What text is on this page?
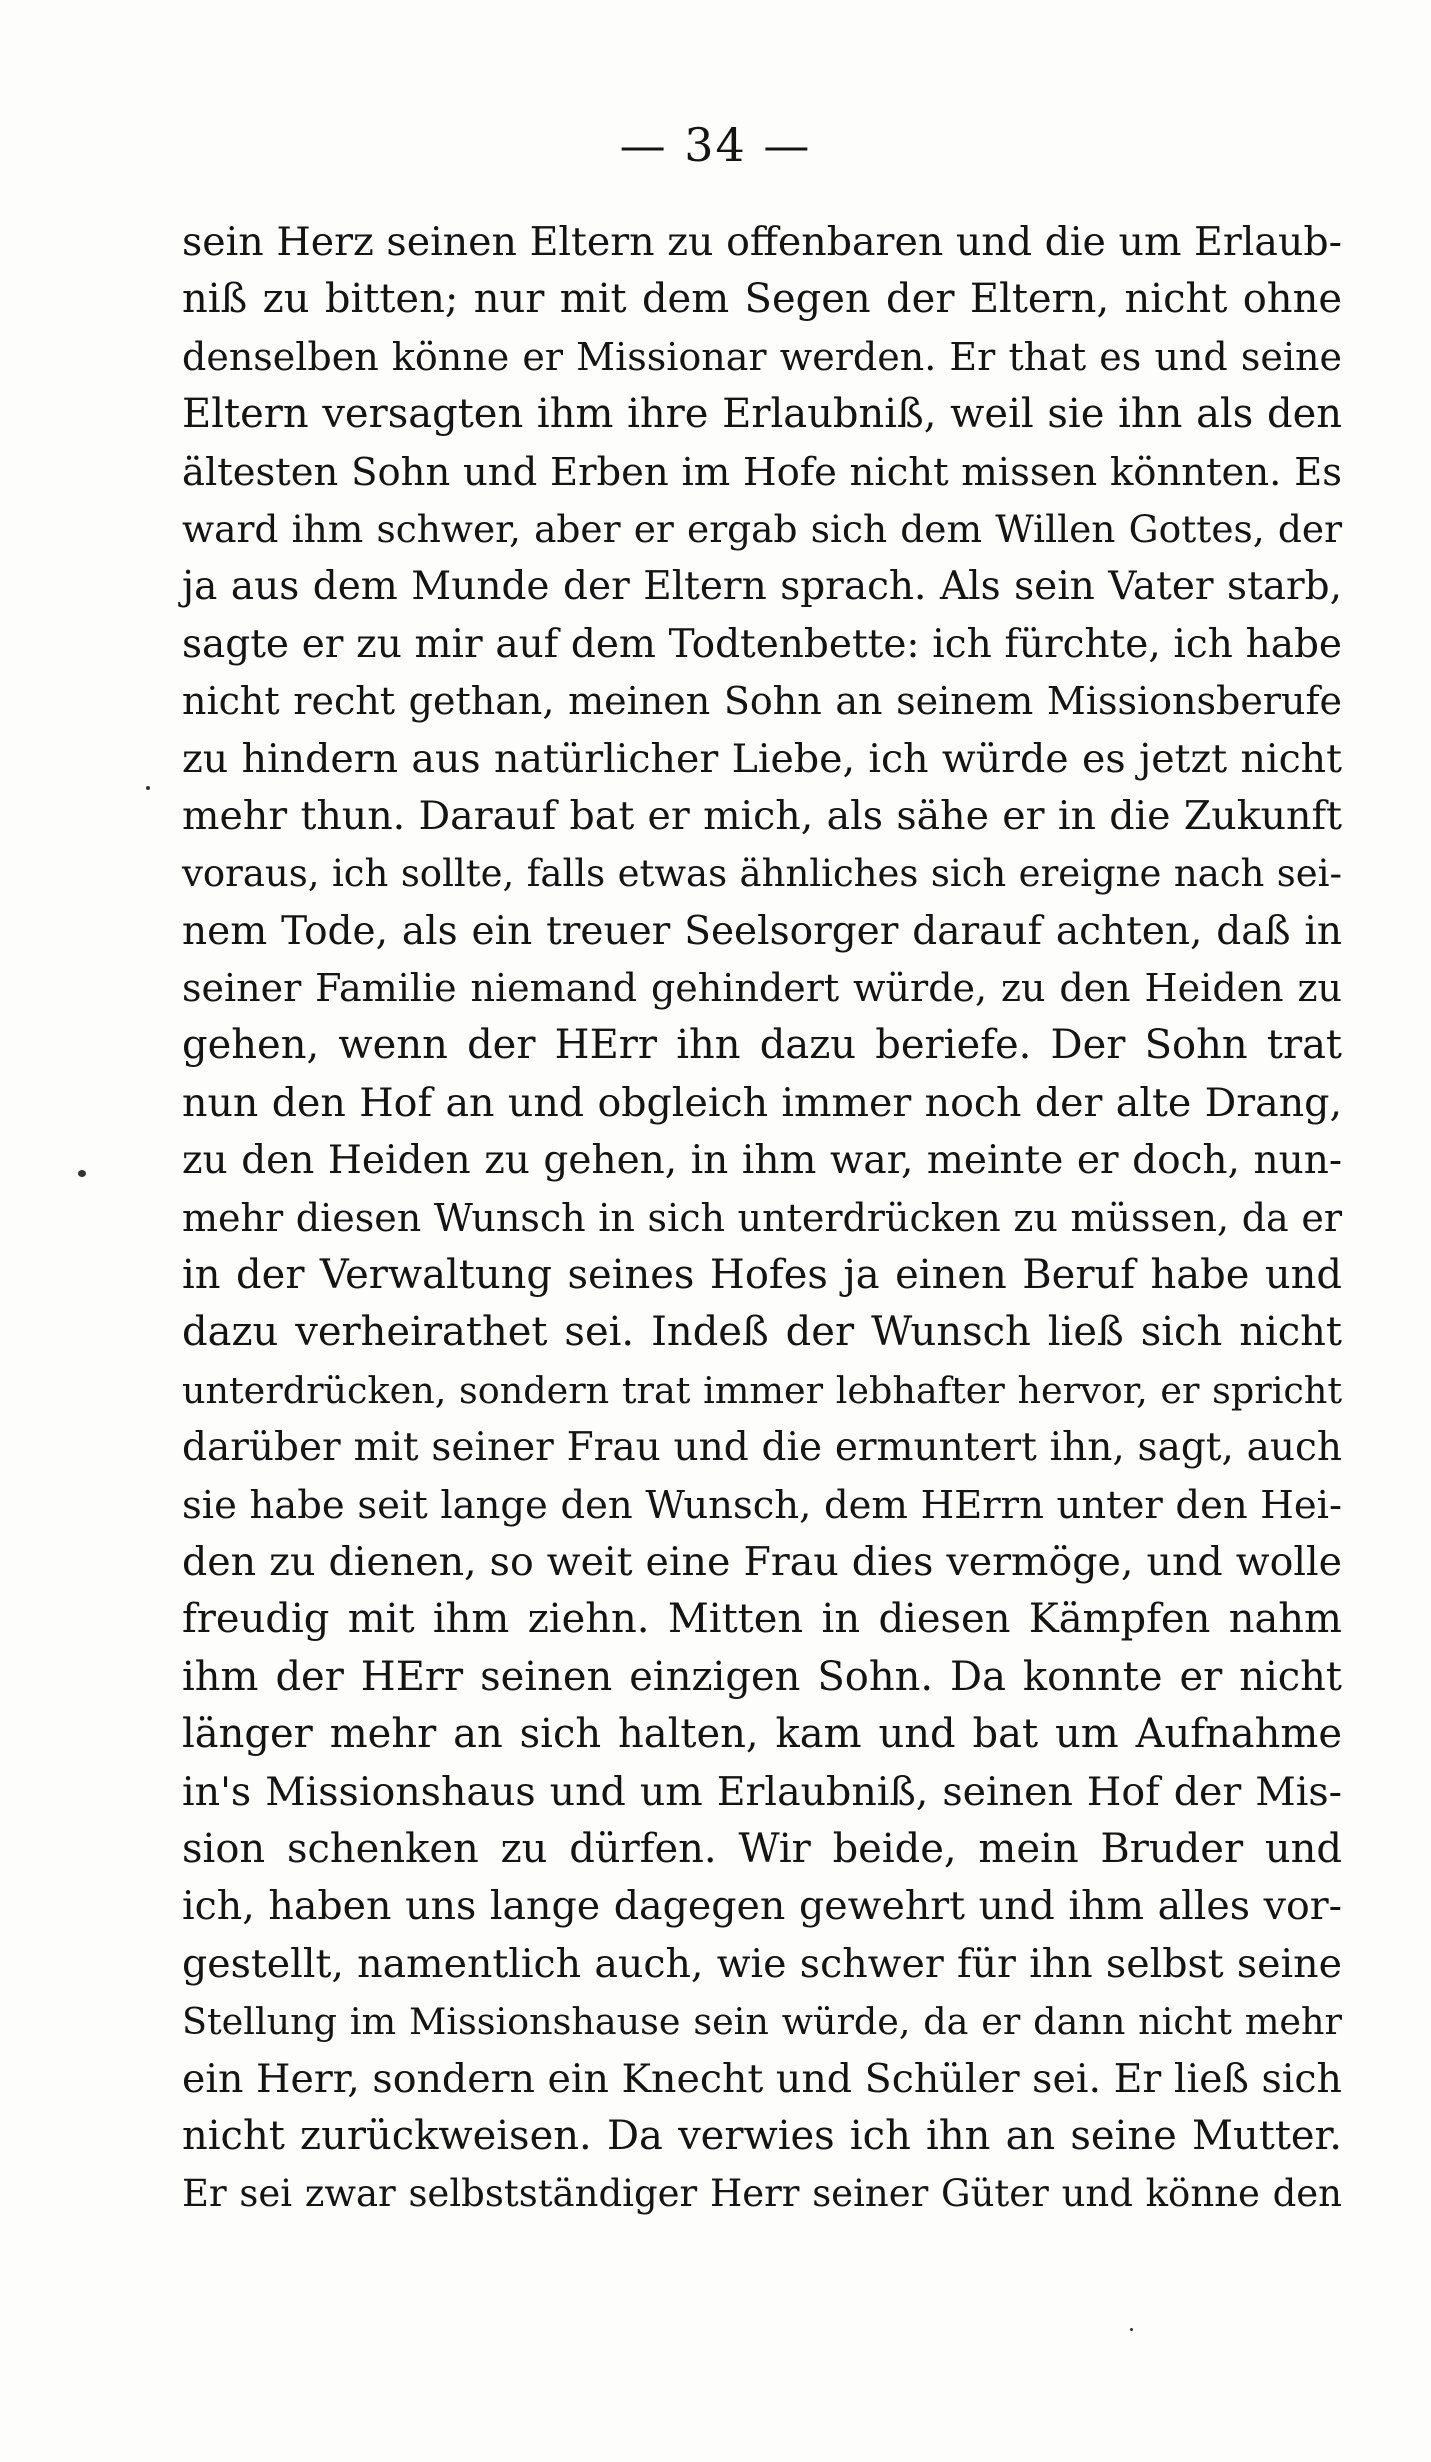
— 34 —
sein Herz seinen Eltern zu offenbaren und die um Erlaub-
niß zu bitten; nur mit dem Segen der Eltern, nicht ohne
denselben könne er Missionar werden. Er that es und seine
Eltern versagten ihm ihre Erlaubniß, weil sie ihn als den
ältesten Sohn und Erben im Hofe nicht missen könnten. Es
ward ihm schwer, aber er ergab sich dem Willen Gottes, der
ja aus dem Munde der Eltern sprach. Als sein Vater starb,
sagte er zu mir auf dem Todtenbette: ich fürchte, ich habe
nicht recht gethan, meinen Sohn an seinem Missionsberufe
zu hindern aus natürlicher Liebe, ich würde es jetzt nicht
mehr thun. Darauf bat er mich, als sähe er in die Zukunft
voraus, ich sollte, falls etwas ähnliches sich ereigne nach sei-
nem Tode, als ein treuer Seelsorger darauf achten, daß in
seiner Familie niemand gehindert würde, zu den Heiden zu
gehen, wenn der HErr ihn dazu beriefe. Der Sohn trat
nun den Hof an und obgleich immer noch der alte Drang,
zu den Heiden zu gehen, in ihm war, meinte er doch, nun-
mehr diesen Wunsch in sich unterdrücken zu müssen, da er
in der Verwaltung seines Hofes ja einen Beruf habe und
dazu verheirathet sei. Indeß der Wunsch ließ sich nicht
unterdrücken, sondern trat immer lebhafter hervor, er spricht
darüber mit seiner Frau und die ermuntert ihn, sagt, auch
sie habe seit lange den Wunsch, dem HErrn unter den Hei-
den zu dienen, so weit eine Frau dies vermöge, und wolle
freudig mit ihm ziehn. Mitten in diesen Kämpfen nahm
ihm der HErr seinen einzigen Sohn. Da konnte er nicht
länger mehr an sich halten, kam und bat um Aufnahme
in's Missionshaus und um Erlaubniß, seinen Hof der Mis-
sion schenken zu dürfen. Wir beide, mein Bruder und
ich, haben uns lange dagegen gewehrt und ihm alles vor-
gestellt, namentlich auch, wie schwer für ihn selbst seine
Stellung im Missionshause sein würde, da er dann nicht mehr
ein Herr, sondern ein Knecht und Schüler sei. Er ließ sich
nicht zurückweisen. Da verwies ich ihn an seine Mutter.
Er sei zwar selbstständiger Herr seiner Güter und könne den
